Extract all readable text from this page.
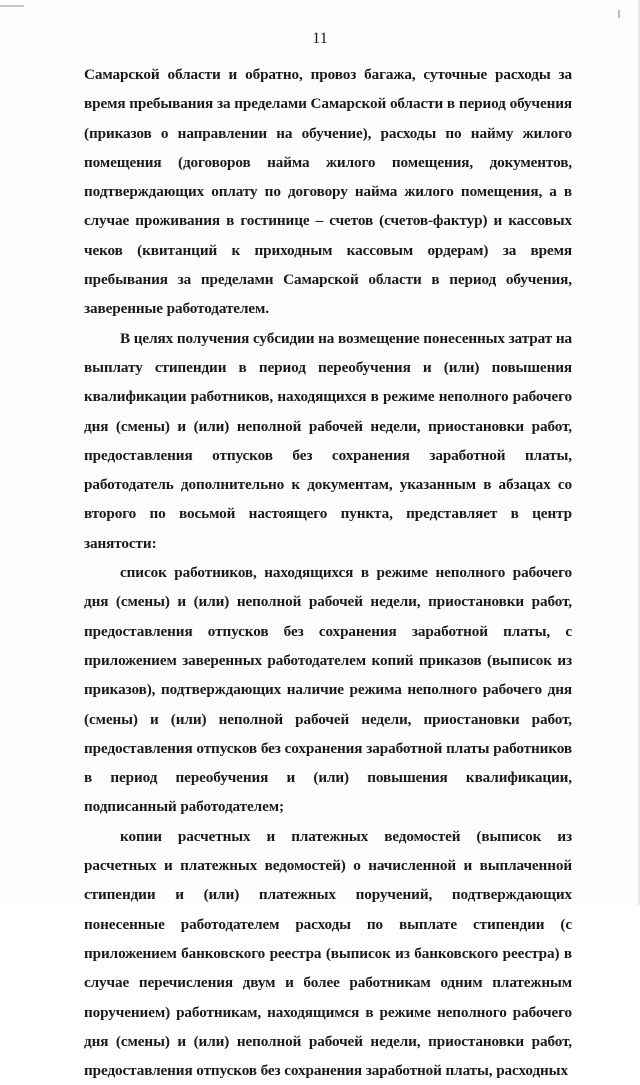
11

Самарской области и обратно, провоз багажа, суточные расходы за время пребывания за пределами Самарской области в период обучения (приказов о направлении на обучение), расходы по найму жилого помещения (договоров найма жилого помещения, документов, подтверждающих оплату по договору найма жилого помещения, а в случае проживания в гостинице – счетов (счетов-фактур) и кассовых чеков (квитанций к приходным кассовым ордерам) за время пребывания за пределами Самарской области в период обучения, заверенные работодателем.

В целях получения субсидии на возмещение понесенных затрат на выплату стипендии в период переобучения и (или) повышения квалификации работников, находящихся в режиме неполного рабочего дня (смены) и (или) неполной рабочей недели, приостановки работ, предоставления отпусков без сохранения заработной платы, работодатель дополнительно к документам, указанным в абзацах со второго по восьмой настоящего пункта, представляет в центр занятости:

список работников, находящихся в режиме неполного рабочего дня (смены) и (или) неполной рабочей недели, приостановки работ, предоставления отпусков без сохранения заработной платы, с приложением заверенных работодателем копий приказов (выписок из приказов), подтверждающих наличие режима неполного рабочего дня (смены) и (или) неполной рабочей недели, приостановки работ, предоставления отпусков без сохранения заработной платы работников в период переобучения и (или) повышения квалификации, подписанный работодателем;

копии расчетных и платежных ведомостей (выписок из расчетных и платежных ведомостей) о начисленной и выплаченной стипендии и (или) платежных поручений, подтверждающих понесенные работодателем расходы по выплате стипендии (с приложением банковского реестра (выписок из банковского реестра) в случае перечисления двум и более работникам одним платежным поручением) работникам, находящимся в режиме неполного рабочего дня (смены) и (или) неполной рабочей недели, приостановки работ, предоставления отпусков без сохранения заработной платы, расходных
